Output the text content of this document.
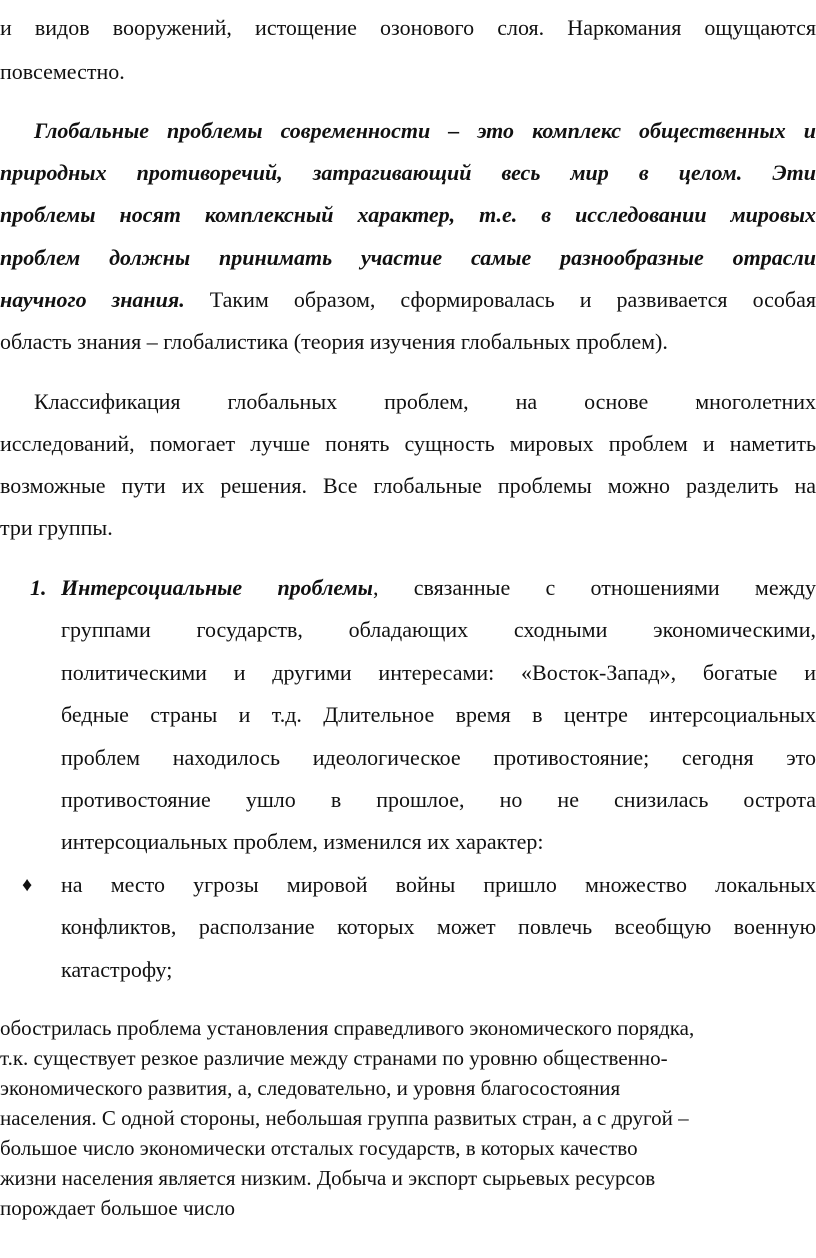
и видов вооружений, истощение озонового слоя. Наркомания ощущаются

повсеместно.

Глобальные проблемы современности – это комплекс общественных и

природных противоречий, затрагивающий весь мир в целом. Эти

проблемы носят комплексный характер, т.е. в исследовании мировых

проблем должны принимать участие самые разнообразные отрасли

научного знания. Таким образом, сформировалась и развивается особая

область знания – глобалистика (теория изучения глобальных проблем).

Классификация глобальных проблем, на основе многолетних

исследований, помогает лучше понять сущность мировых проблем и наметить

возможные пути их решения. Все глобальные проблемы можно разделить на

три группы.

1. Интерсоциальные проблемы, связанные с отношениями между

группами государств, обладающих сходными экономическими,

политическими и другими интересами: «Восток-Запад», богатые и

бедные страны и т.д. Длительное время в центре интерсоциальных

проблем находилось идеологическое противостояние; сегодня это

противостояние ушло в прошлое, но не снизилась острота

интерсоциальных проблем, изменился их характер:

♦ на место угрозы мировой войны пришло множество локальных

конфликтов, расползание которых может повлечь всеобщую военную

катастрофу;

обострилась проблема установления справедливого экономического порядка,

т.к. существует резкое различие между странами по уровню общественно-

экономического развития, а, следовательно, и уровня благосостояния

населения. С одной стороны, небольшая группа развитых стран, а с другой –

большое число экономически отсталых государств, в которых качество

жизни населения является низким. Добыча и экспорт сырьевых ресурсов

порождает большое число
